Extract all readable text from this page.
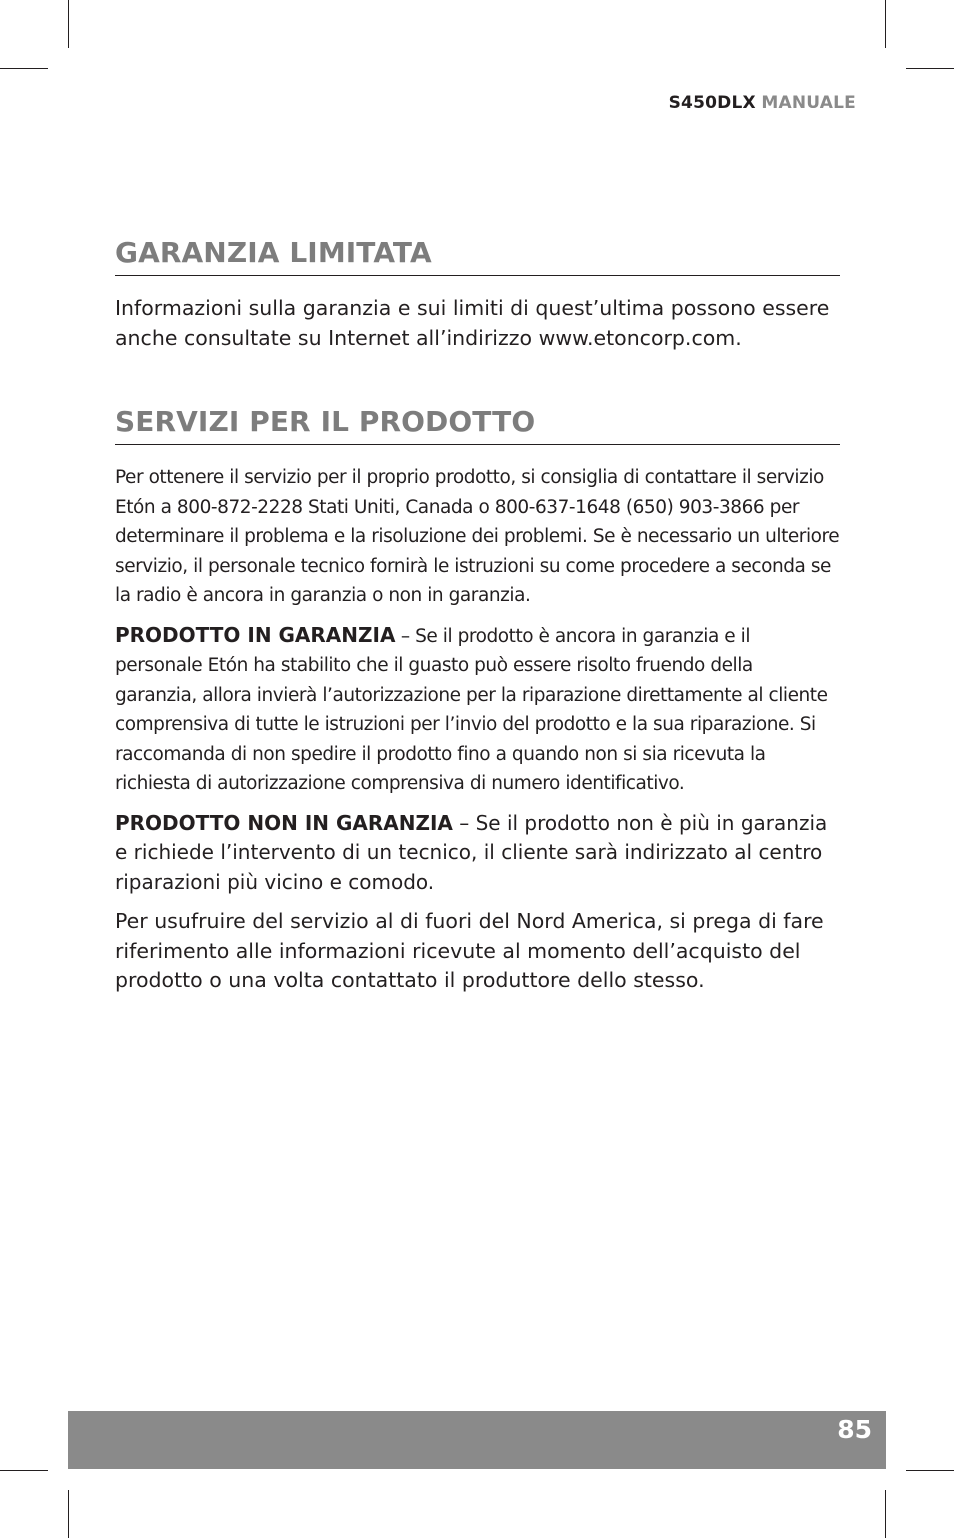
S450DLX MANUALE
GARANZIA LIMITATA

Informazioni sulla garanzia e sui limiti di quest’ultima possono essere anche consultate su Internet all’indirizzo www.etoncorp.com.

SERVIZI PER IL PRODOTTO

Per ottenere il servizio per il proprio prodotto, si consiglia di contattare il servizio Etón a 800-872-2228 Stati Uniti, Canada o 800-637-1648 (650) 903-3866 per determinare il problema e la risoluzione dei problemi. Se è necessario un ulteriore servizio, il personale tecnico fornirà le istruzioni su come procedere a seconda se la radio è ancora in garanzia o non in garanzia.

PRODOTTO IN GARANZIA – Se il prodotto è ancora in garanzia e il personale Etón ha stabilito che il guasto può essere risolto fruendo della garanzia, allora invierà l’autorizzazione per la riparazione direttamente al cliente comprensiva di tutte le istruzioni per l’invio del prodotto e la sua riparazione. Si raccomanda di non spedire il prodotto fino a quando non si sia ricevuta la richiesta di autorizzazione comprensiva di numero identificativo.

PRODOTTO NON IN GARANZIA – Se il prodotto non è più in garanzia e richiede l’intervento di un tecnico, il cliente sarà indirizzato al centro riparazioni più vicino e comodo.

Per usufruire del servizio al di fuori del Nord America, si prega di fare riferimento alle informazioni ricevute al momento dell’acquisto del prodotto o una volta contattato il produttore dello stesso.

85
